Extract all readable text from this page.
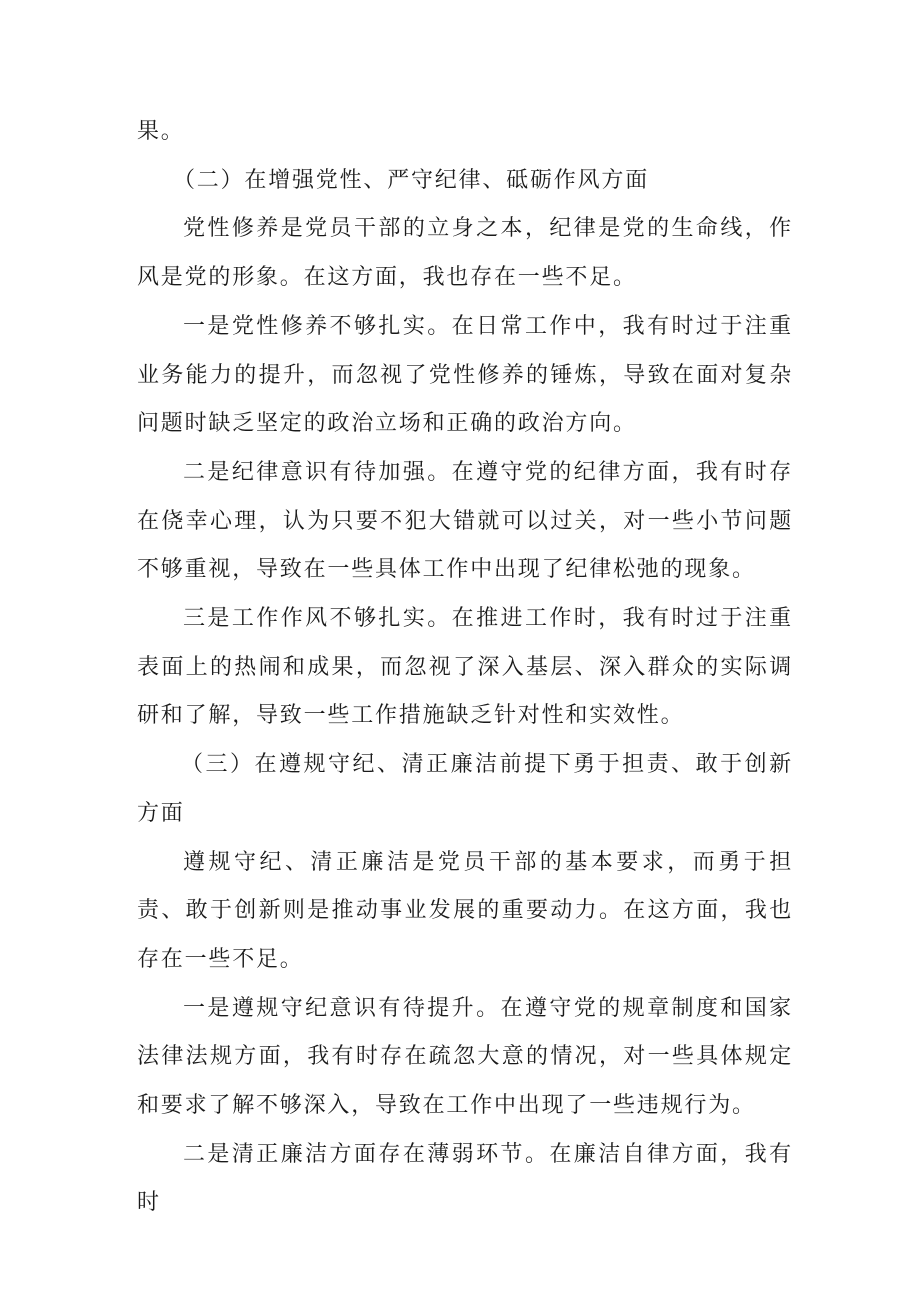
果。

（二）在增强党性、严守纪律、砥砺作风方面

党性修养是党员干部的立身之本，纪律是党的生命线，作风是党的形象。在这方面，我也存在一些不足。

一是党性修养不够扎实。在日常工作中，我有时过于注重业务能力的提升，而忽视了党性修养的锤炼，导致在面对复杂问题时缺乏坚定的政治立场和正确的政治方向。

二是纪律意识有待加强。在遵守党的纪律方面，我有时存在侥幸心理，认为只要不犯大错就可以过关，对一些小节问题不够重视，导致在一些具体工作中出现了纪律松弛的现象。

三是工作作风不够扎实。在推进工作时，我有时过于注重表面上的热闹和成果，而忽视了深入基层、深入群众的实际调研和了解，导致一些工作措施缺乏针对性和实效性。

（三）在遵规守纪、清正廉洁前提下勇于担责、敢于创新方面

遵规守纪、清正廉洁是党员干部的基本要求，而勇于担责、敢于创新则是推动事业发展的重要动力。在这方面，我也存在一些不足。

一是遵规守纪意识有待提升。在遵守党的规章制度和国家法律法规方面，我有时存在疏忽大意的情况，对一些具体规定和要求了解不够深入，导致在工作中出现了一些违规行为。

二是清正廉洁方面存在薄弱环节。在廉洁自律方面，我有时
